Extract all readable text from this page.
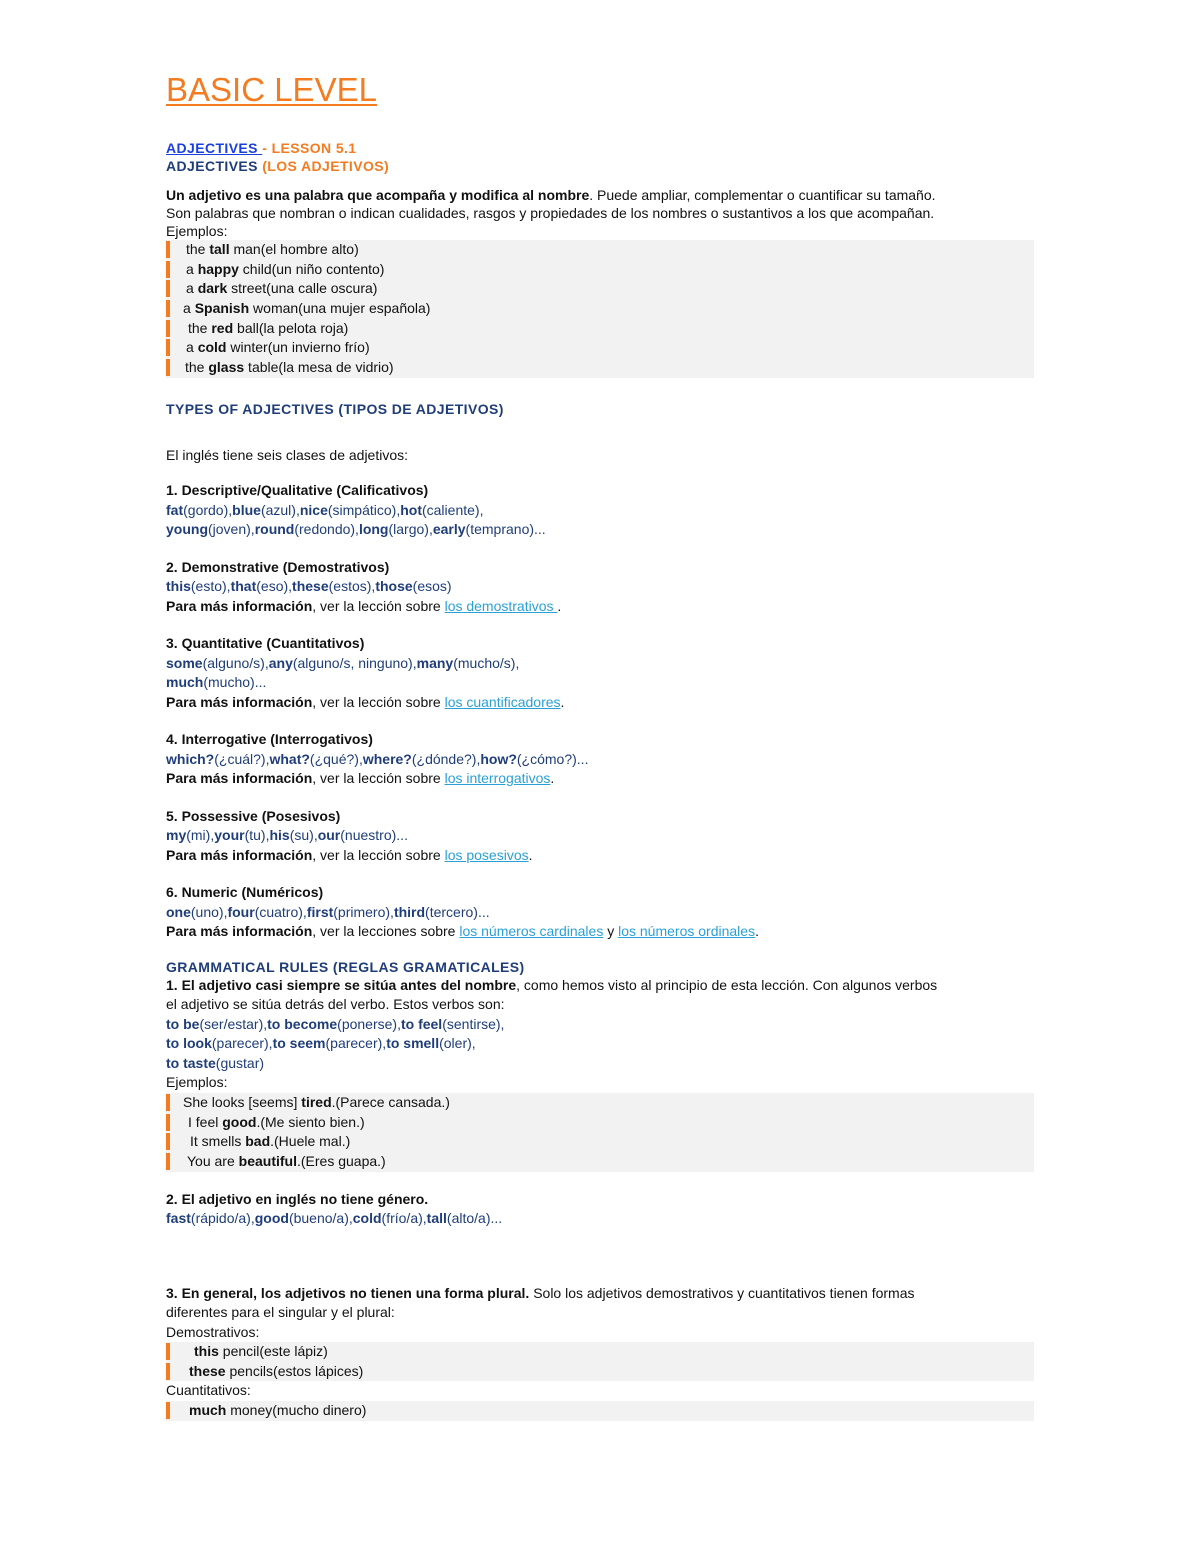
BASIC LEVEL
ADJECTIVES - LESSON 5.1
ADJECTIVES (LOS ADJETIVOS)
Un adjetivo es una palabra que acompaña y modifica al nombre. Puede ampliar, complementar o cuantificar su tamaño.
Son palabras que nombran o indican cualidades, rasgos y propiedades de los nombres o sustantivos a los que acompañan.
Ejemplos:
the tall man(el hombre alto)
a happy child(un niño contento)
a dark street(una calle oscura)
a Spanish woman(una mujer española)
the red ball(la pelota roja)
a cold winter(un invierno frío)
the glass table(la mesa de vidrio)
TYPES OF ADJECTIVES (TIPOS DE ADJETIVOS)
El inglés tiene seis clases de adjetivos:
1. Descriptive/Qualitative (Calificativos)
fat(gordo),blue(azul),nice(simpático),hot(caliente),
young(joven),round(redondo),long(largo),early(temprano)...
2. Demonstrative (Demostrativos)
this(esto),that(eso),these(estos),those(esos)
Para más información, ver la lección sobre los demostrativos .
3. Quantitative (Cuantitativos)
some(alguno/s),any(alguno/s, ninguno),many(mucho/s),
much(mucho)...
Para más información, ver la lección sobre los cuantificadores.
4. Interrogative (Interrogativos)
which?(¿cuál?),what?(¿qué?),where?(¿dónde?),how?(¿cómo?)...
Para más información, ver la lección sobre los interrogativos.
5. Possessive (Posesivos)
my(mi),your(tu),his(su),our(nuestro)...
Para más información, ver la lección sobre los posesivos.
6. Numeric (Numéricos)
one(uno),four(cuatro),first(primero),third(tercero)...
Para más información, ver la lecciones sobre los números cardinales y los números ordinales.
GRAMMATICAL RULES (REGLAS GRAMATICALES)
1. El adjetivo casi siempre se sitúa antes del nombre, como hemos visto al principio de esta lección. Con algunos verbos
el adjetivo se sitúa detrás del verbo. Estos verbos son:
to be(ser/estar),to become(ponerse),to feel(sentirse),
to look(parecer),to seem(parecer),to smell(oler),
to taste(gustar)
Ejemplos:
She looks [seems] tired.(Parece cansada.)
I feel good.(Me siento bien.)
It smells bad.(Huele mal.)
You are beautiful.(Eres guapa.)
2. El adjetivo en inglés no tiene género.
fast(rápido/a),good(bueno/a),cold(frío/a),tall(alto/a)...
3. En general, los adjetivos no tienen una forma plural. Solo los adjetivos demostrativos y cuantitativos tienen formas
diferentes para el singular y el plural:
Demostrativos:
this pencil(este lápiz)
these pencils(estos lápices)
Cuantitativos:
much money(mucho dinero)
